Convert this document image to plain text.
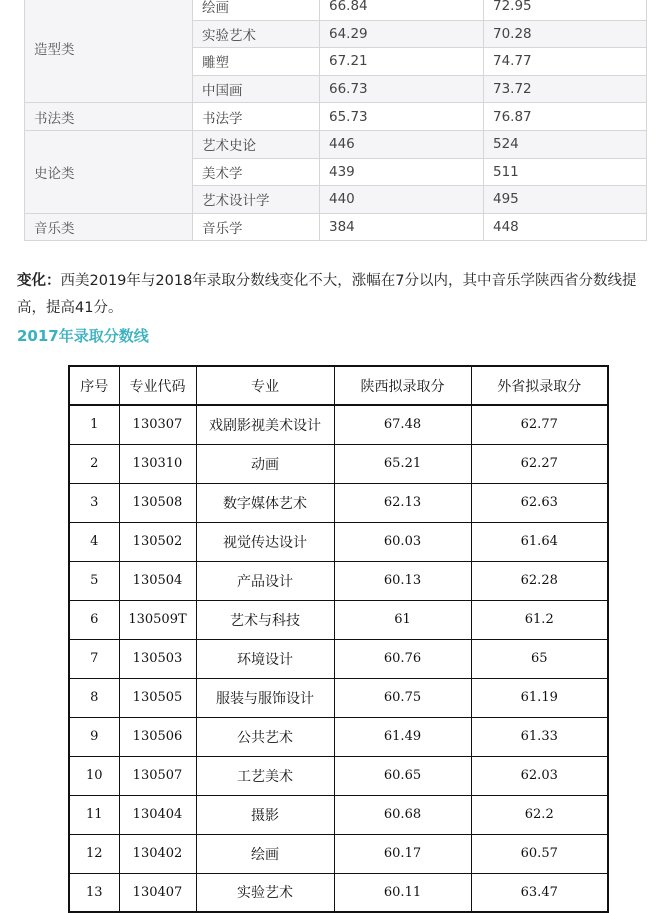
造型类	绘画	66.84	72.95
	实验艺术	64.29	70.28
	雕塑	67.21	74.77
	中国画	66.73	73.72
书法类	书法学	65.73	76.87
史论类	艺术史论	446	524
	美术学	439	511
	艺术设计学	440	495
音乐类	音乐学	384	448

变化：西美2019年与2018年录取分数线变化不大，涨幅在7分以内，其中音乐学陕西省分数线提高，提高41分。

2017年录取分数线
序号	专业代码	专业	陕西拟录取分	外省拟录取分
1	130307	戏剧影视美术设计	67.48	62.77
2	130310	动画	65.21	62.27
3	130508	数字媒体艺术	62.13	62.63
4	130502	视觉传达设计	60.03	61.64
5	130504	产品设计	60.13	62.28
6	130509T	艺术与科技	61	61.2
7	130503	环境设计	60.76	65
8	130505	服装与服饰设计	60.75	61.19
9	130506	公共艺术	61.49	61.33
10	130507	工艺美术	60.65	62.03
11	130404	摄影	60.68	62.2
12	130402	绘画	60.17	60.57
13	130407	实验艺术	60.11	63.47
